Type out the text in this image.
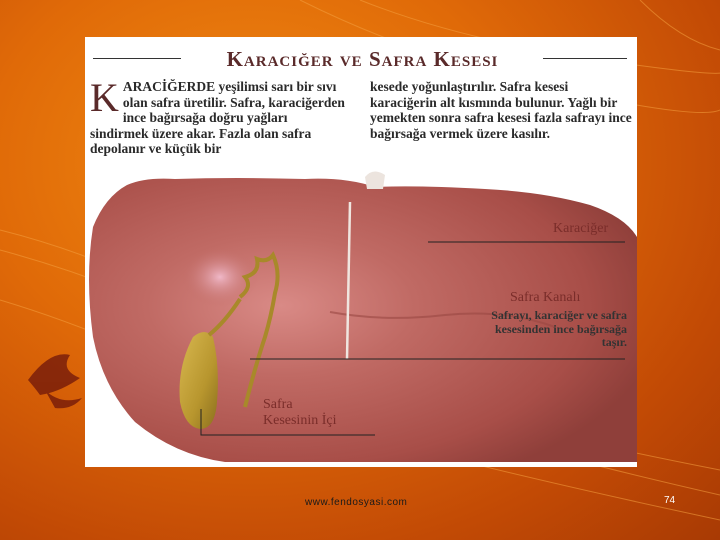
Karaciğer ve Safra Kesesi
K ARACİĞERDE yeşilimsi sarı bir sıvı olan safra üretilir. Safra, karaciğerden ince bağırsağa doğru yağları sindirmek üzere akar. Fazla olan safra depolanır ve küçük bir
kesede yoğunlaştırılır. Safra kesesi karaciğerin alt kısmında bulunur. Yağlı bir yemekten sonra safra kesesi fazla safrayı ince bağırsağa vermek üzere kasılır.
Karaciğer
Safra Kanalı
Safrayı, karaciğer ve safra kesesinden ince bağırsağa taşır.
Safra
Kesesinin İçi
www.fendosyasi.com	74
